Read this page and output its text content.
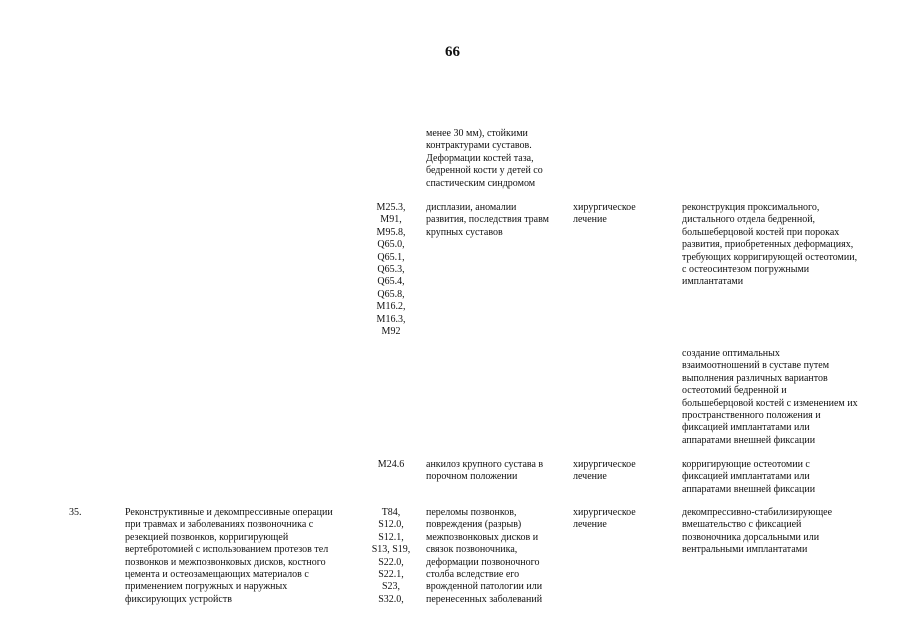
66
менее 30 мм), стойкими
контрактурами суставов.
Деформации костей таза,
бедренной кости у детей со
спастическим синдромом
M25.3,
M91,
M95.8,
Q65.0,
Q65.1,
Q65.3,
Q65.4,
Q65.8,
M16.2,
M16.3,
M92
дисплазии, аномалии
развития, последствия травм
крупных суставов
хирургическое
лечение
реконструкция проксимального,
дистального отдела бедренной,
большеберцовой костей при пороках
развития, приобретенных деформациях,
требующих корригирующей остеотомии,
с остеосинтезом погружными
имплантатами
создание оптимальных
взаимоотношений в суставе путем
выполнения различных вариантов
остеотомий бедренной и
большеберцовой костей с изменением их
пространственного положения и
фиксацией имплантатами или
аппаратами внешней фиксации
M24.6	анкилоз крупного сустава в
порочном положении
хирургическое
лечение
корригирующие остеотомии с
фиксацией имплантатами или
аппаратами внешней фиксации
35.	Реконструктивные и декомпрессивные операции
при травмах и заболеваниях позвоночника с
резекцией позвонков, корригирующей
вертебротомией с использованием протезов тел
позвонков и межпозвонковых дисков, костного
цемента и остеозамещающих материалов с
применением погружных и наружных
фиксирующих устройств
T84,
S12.0,
S12.1,
S13, S19,
S22.0,
S22.1,
S23,
S32.0,
переломы позвонков,
повреждения (разрыв)
межпозвонковых дисков и
связок позвоночника,
деформации позвоночного
столба вследствие его
врожденной патологии или
перенесенных заболеваний
хирургическое
лечение
декомпрессивно-стабилизирующее
вмешательство с фиксацией
позвоночника дорсальными или
вентральными имплантатами
